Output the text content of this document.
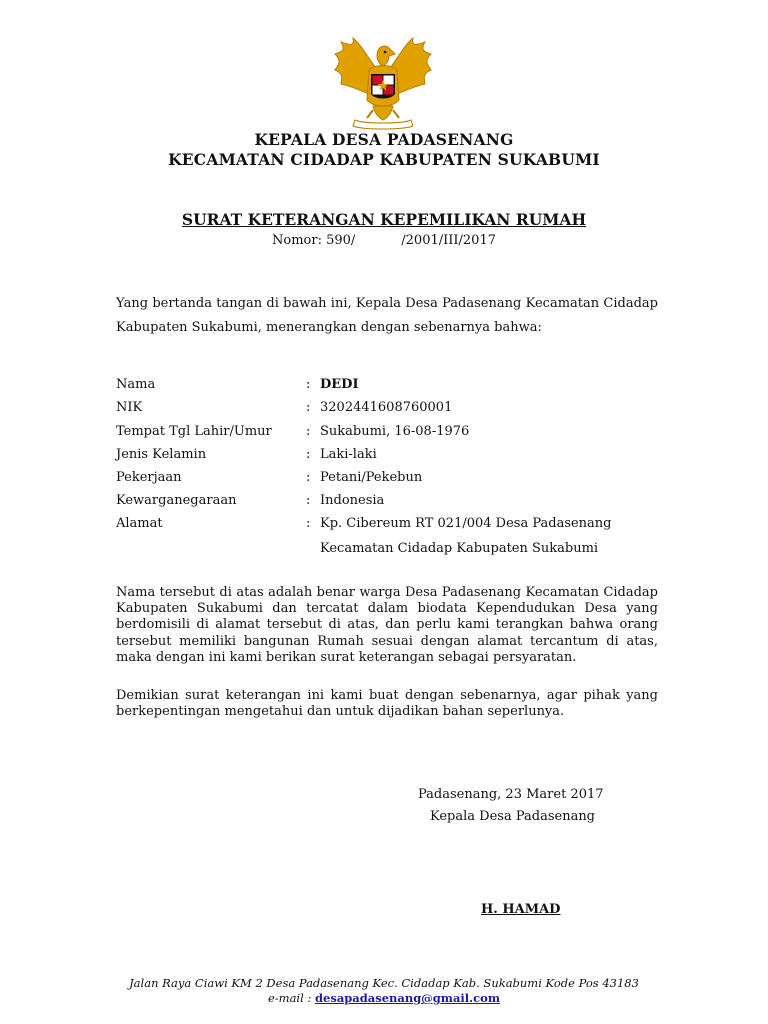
KEPALA DESA PADASENANG
KECAMATAN CIDADAP KABUPATEN SUKABUMI
SURAT KETERANGAN KEPEMILIKAN RUMAH
Nomor: 590/	/2001/III/2017
Yang bertanda tangan di bawah ini, Kepala Desa Padasenang Kecamatan Cidadap Kabupaten Sukabumi, menerangkan dengan sebenarnya bahwa:
Nama	: DEDI
NIK	: 3202441608760001
Tempat Tgl Lahir/Umur	: Sukabumi, 16-08-1976
Jenis Kelamin	: Laki-laki
Pekerjaan	: Petani/Pekebun
Kewarganegaraan	: Indonesia
Alamat	: Kp. Cibereum RT 021/004 Desa Padasenang
Kecamatan Cidadap Kabupaten Sukabumi
Nama tersebut di atas adalah benar warga Desa Padasenang Kecamatan Cidadap Kabupaten Sukabumi dan tercatat dalam biodata Kependudukan Desa yang berdomisili di alamat tersebut di atas, dan perlu kami terangkan bahwa orang tersebut memiliki bangunan Rumah sesuai dengan alamat tercantum di atas, maka dengan ini kami berikan surat keterangan sebagai persyaratan.
Demikian surat keterangan ini kami buat dengan sebenarnya, agar pihak yang berkepentingan mengetahui dan untuk dijadikan bahan seperlunya.
Padasenang, 23 Maret 2017
Kepala Desa Padasenang
H. HAMAD
Jalan Raya Ciawi KM 2 Desa Padasenang Kec. Cidadap Kab. Sukabumi Kode Pos 43183
e-mail : desapadasenang@gmail.com
